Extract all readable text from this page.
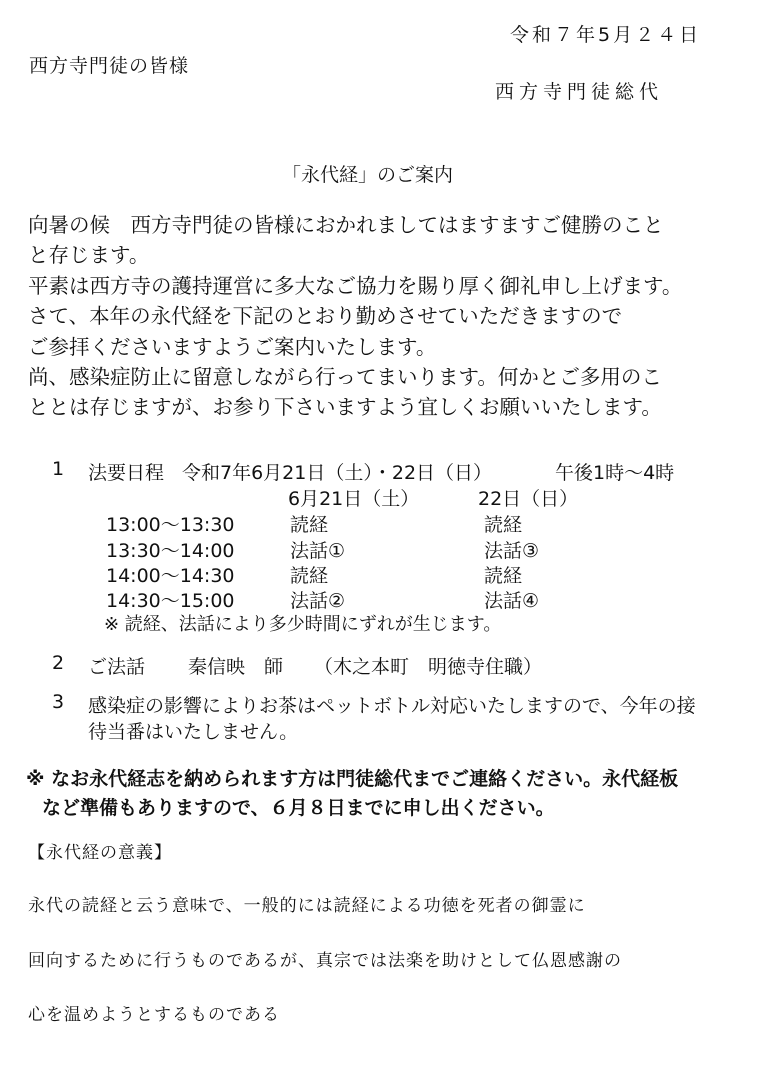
令和７年5月２４日
西方寺門徒の皆様
西方寺門徒総代
「永代経」のご案内
向暑の候　西方寺門徒の皆様におかれましてはますますご健勝のこと
と存じます。
平素は西方寺の護持運営に多大なご協力を賜り厚く御礼申し上げます。
さて、本年の永代経を下記のとおり勤めさせていただきますので
ご参拝くださいますようご案内いたします。
尚、感染症防止に留意しながら行ってまいります。何かとご多用のこ
ととは存じますが、お参り下さいますよう宜しくお願いいたします。
1 法要日程 令和7年6月21日（土）・22日（日）	午後1時～4時
6月21日（土）	22日（日）
13:00～13:30	読経	読経
13:30～14:00	法話①	法話③
14:00～14:30	読経	読経
14:30～15:00	法話②	法話④
※ 読経、法話により多少時間にずれが生じます。
2 ご法話 秦信映　師 （木之本町　明徳寺住職）
3 感染症の影響によりお茶はペットボトル対応いたしますので、今年の接
待当番はいたしません。
※ なお永代経志を納められます方は門徒総代までご連絡ください。永代経板
など準備もありますので、６月８日までに申し出ください。
【永代経の意義】
永代の読経と云う意味で、一般的には読経による功徳を死者の御霊に
回向するために行うものであるが、真宗では法楽を助けとして仏恩感謝の
心を温めようとするものである
